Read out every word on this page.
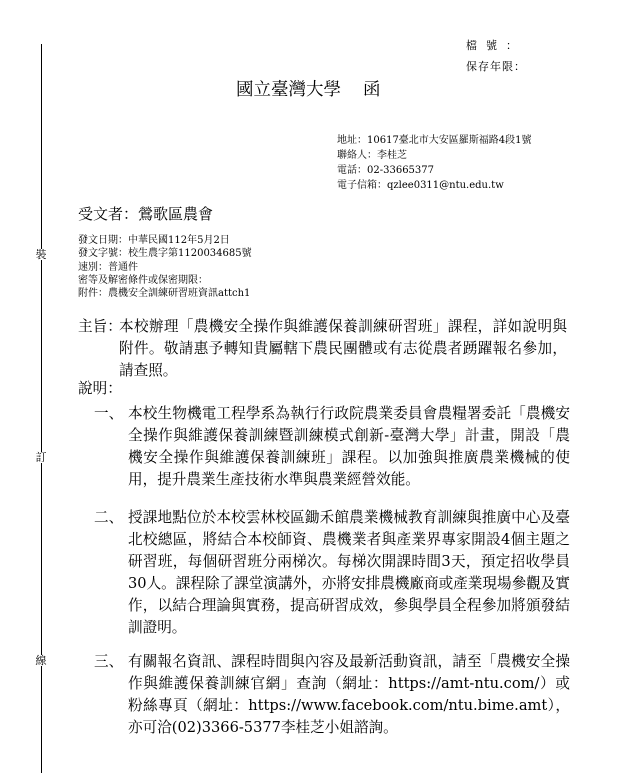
裝
訂
線
檔號：
保存年限：
國立臺灣大學 函
地址：10617臺北市大安區羅斯福路4段1號
聯絡人：李桂芝
電話：02-33665377
電子信箱：qzlee0311@ntu.edu.tw
受文者：鶯歌區農會
發文日期：中華民國112年5月2日
發文字號：校生農字第1120034685號
速別：普通件
密等及解密條件或保密期限：
附件：農機安全訓練研習班資訊attch1
主旨：
本校辦理「農機安全操作與維護保養訓練研習班」課程，詳如說明與附件。敬請惠予轉知貴屬轄下農民團體或有志從農者踴躍報名參加，請查照。
說明：
一、 本校生物機電工程學系為執行行政院農業委員會農糧署委託「農機安全操作與維護保養訓練暨訓練模式創新-臺灣大學」計畫，開設「農機安全操作與維護保養訓練班」課程。以加強與推廣農業機械的使用，提升農業生產技術水準與農業經營效能。
二、 授課地點位於本校雲林校區鋤禾館農業機械教育訓練與推廣中心及臺北校總區，將結合本校師資、農機業者與產業界專家開設4個主題之研習班，每個研習班分兩梯次。每梯次開課時間3天，預定招收學員30人。課程除了課堂演講外，亦將安排農機廠商或產業現場參觀及實作，以結合理論與實務，提高研習成效，參與學員全程參加將頒發結訓證明。
三、 有關報名資訊、課程時間與內容及最新活動資訊，請至「農機安全操作與維護保養訓練官網」查詢（網址：https://amt-ntu.com/）或粉絲專頁（網址：https://www.facebook.com/ntu.bime.amt），亦可洽(02)3366-5377李桂芝小姐諮詢。
